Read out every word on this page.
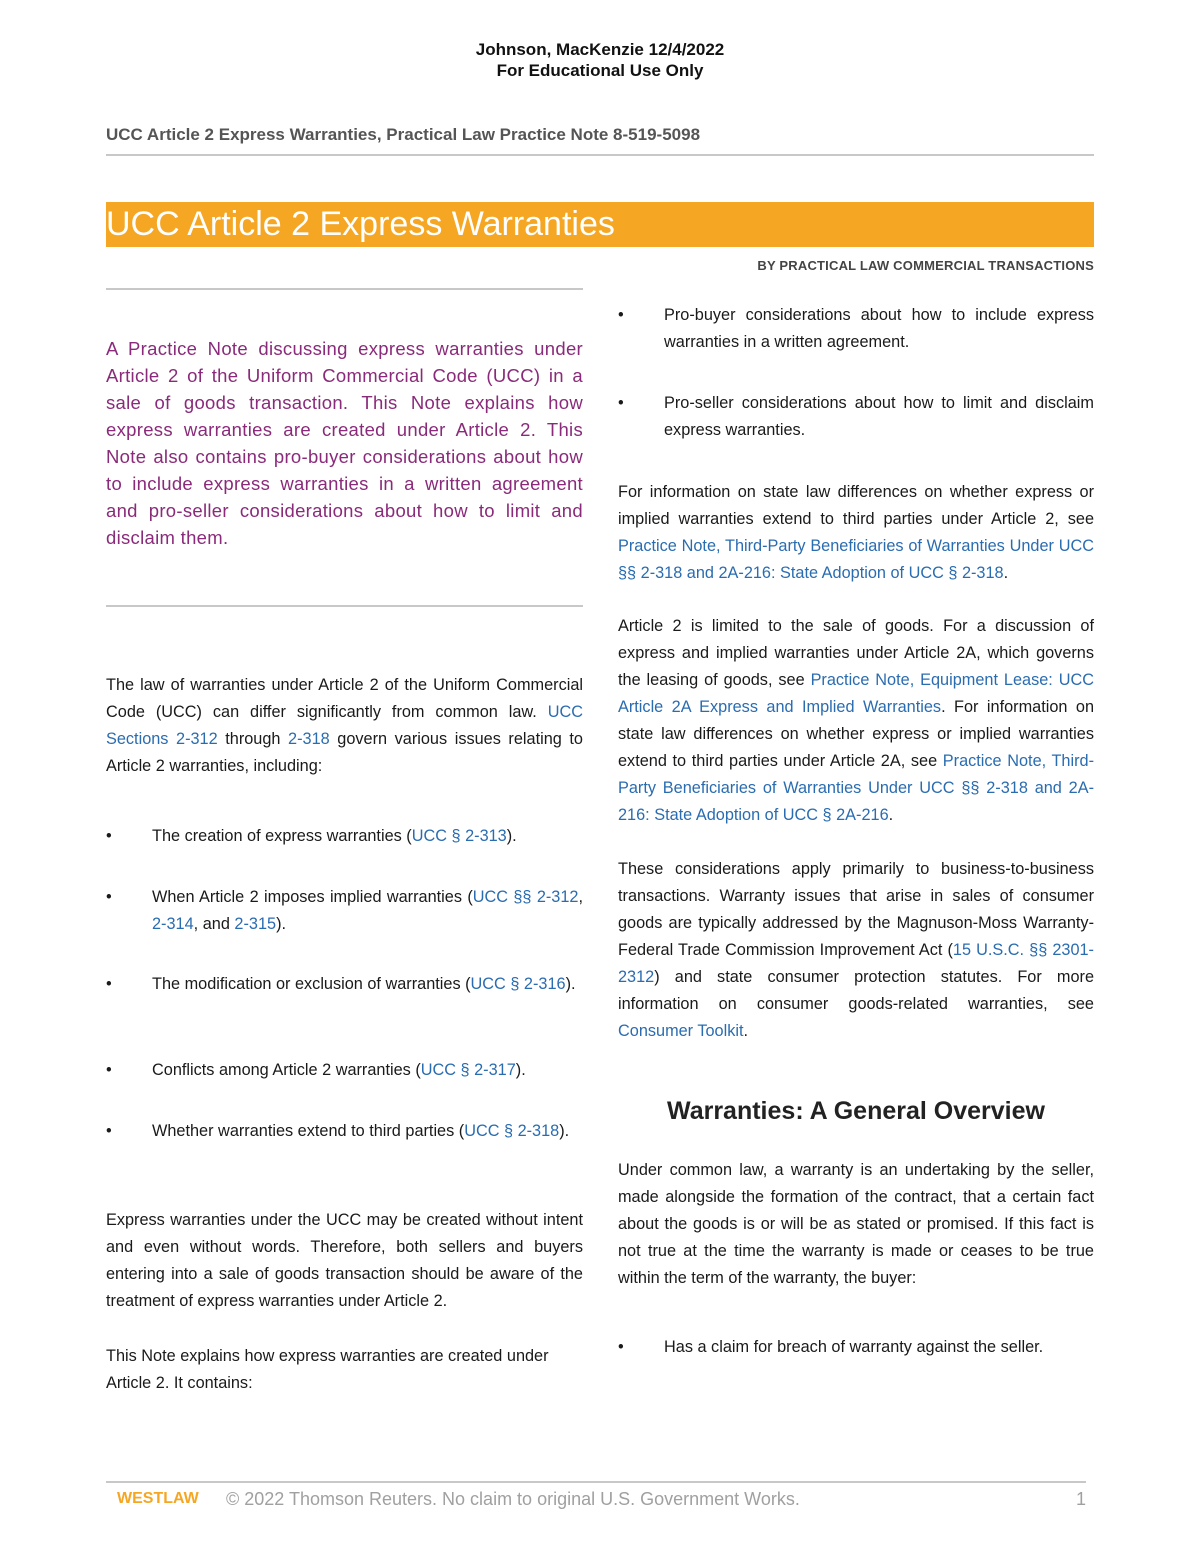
Johnson, MacKenzie 12/4/2022
For Educational Use Only
UCC Article 2 Express Warranties, Practical Law Practice Note 8-519-5098
UCC Article 2 Express Warranties
BY PRACTICAL LAW COMMERCIAL TRANSACTIONS
A Practice Note discussing express warranties under Article 2 of the Uniform Commercial Code (UCC) in a sale of goods transaction. This Note explains how express warranties are created under Article 2. This Note also contains pro-buyer considerations about how to include express warranties in a written agreement and pro-seller considerations about how to limit and disclaim them.
The law of warranties under Article 2 of the Uniform Commercial Code (UCC) can differ significantly from common law. UCC Sections 2-312 through 2-318 govern various issues relating to Article 2 warranties, including:
• The creation of express warranties (UCC § 2-313).
• When Article 2 imposes implied warranties (UCC §§ 2-312, 2-314, and 2-315).
• The modification or exclusion of warranties (UCC § 2-316).
• Conflicts among Article 2 warranties (UCC § 2-317).
• Whether warranties extend to third parties (UCC § 2-318).
Express warranties under the UCC may be created without intent and even without words. Therefore, both sellers and buyers entering into a sale of goods transaction should be aware of the treatment of express warranties under Article 2.
This Note explains how express warranties are created under Article 2. It contains:
• Pro-buyer considerations about how to include express warranties in a written agreement.
• Pro-seller considerations about how to limit and disclaim express warranties.
For information on state law differences on whether express or implied warranties extend to third parties under Article 2, see Practice Note, Third-Party Beneficiaries of Warranties Under UCC §§ 2-318 and 2A-216: State Adoption of UCC § 2-318.
Article 2 is limited to the sale of goods. For a discussion of express and implied warranties under Article 2A, which governs the leasing of goods, see Practice Note, Equipment Lease: UCC Article 2A Express and Implied Warranties. For information on state law differences on whether express or implied warranties extend to third parties under Article 2A, see Practice Note, Third-Party Beneficiaries of Warranties Under UCC §§ 2-318 and 2A-216: State Adoption of UCC § 2A-216.
These considerations apply primarily to business-to-business transactions. Warranty issues that arise in sales of consumer goods are typically addressed by the Magnuson-Moss Warranty-Federal Trade Commission Improvement Act (15 U.S.C. §§ 2301-2312) and state consumer protection statutes. For more information on consumer goods-related warranties, see Consumer Toolkit.
Warranties: A General Overview
Under common law, a warranty is an undertaking by the seller, made alongside the formation of the contract, that a certain fact about the goods is or will be as stated or promised. If this fact is not true at the time the warranty is made or ceases to be true within the term of the warranty, the buyer:
• Has a claim for breach of warranty against the seller.
WESTLAW © 2022 Thomson Reuters. No claim to original U.S. Government Works.	1
